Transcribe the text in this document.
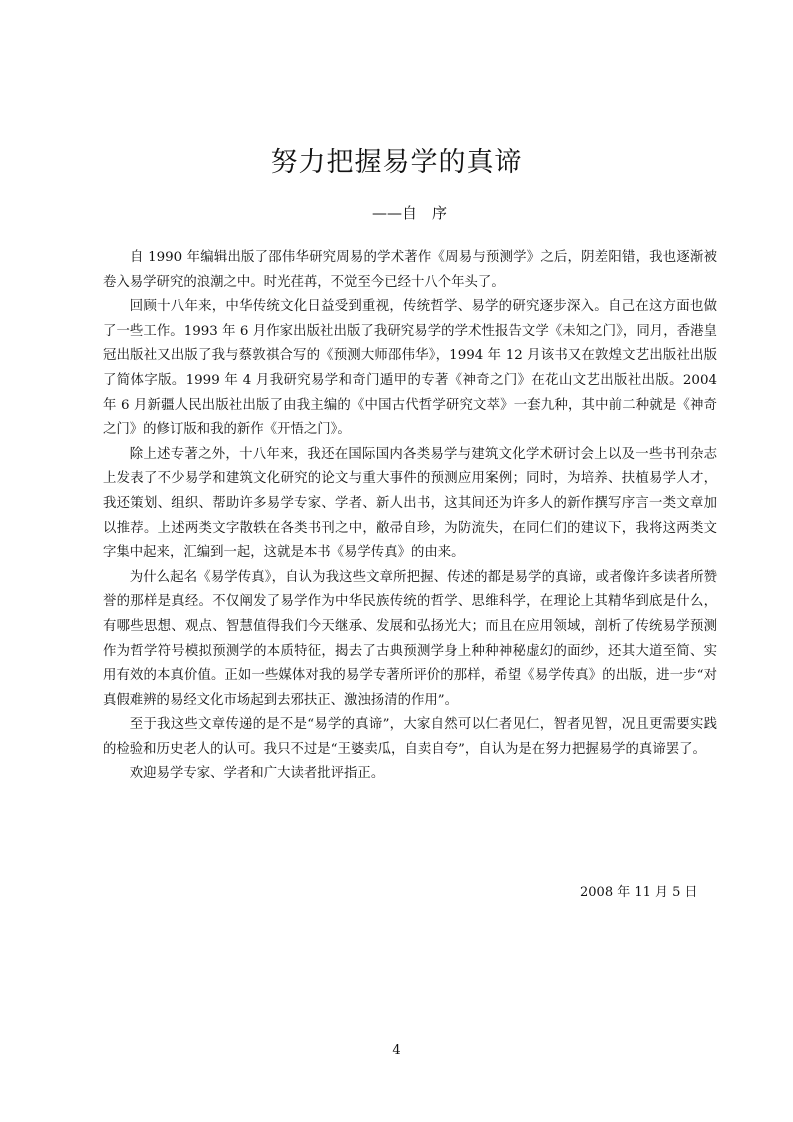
努力把握易学的真谛
——自　序

自 1990 年编辑出版了邵伟华研究周易的学术著作《周易与预测学》之后，阴差阳错，我也逐渐被卷入易学研究的浪潮之中。时光荏苒，不觉至今已经十八个年头了。

回顾十八年来，中华传统文化日益受到重视，传统哲学、易学的研究逐步深入。自己在这方面也做了一些工作。1993 年 6 月作家出版社出版了我研究易学的学术性报告文学《未知之门》，同月，香港皇冠出版社又出版了我与蔡敦祺合写的《预测大师邵伟华》，1994 年 12 月该书又在敦煌文艺出版社出版了简体字版。1999 年 4 月我研究易学和奇门遁甲的专著《神奇之门》在花山文艺出版社出版。2004 年 6 月新疆人民出版社出版了由我主编的《中国古代哲学研究文萃》一套九种，其中前二种就是《神奇之门》的修订版和我的新作《开悟之门》。

除上述专著之外，十八年来，我还在国际国内各类易学与建筑文化学术研讨会上以及一些书刊杂志上发表了不少易学和建筑文化研究的论文与重大事件的预测应用案例；同时，为培养、扶植易学人才，我还策划、组织、帮助许多易学专家、学者、新人出书，这其间还为许多人的新作撰写序言一类文章加以推荐。上述两类文字散轶在各类书刊之中，敝帚自珍，为防流失，在同仁们的建议下，我将这两类文字集中起来，汇编到一起，这就是本书《易学传真》的由来。

为什么起名《易学传真》，自认为我这些文章所把握、传述的都是易学的真谛，或者像许多读者所赞誉的那样是真经。不仅阐发了易学作为中华民族传统的哲学、思维科学，在理论上其精华到底是什么，有哪些思想、观点、智慧值得我们今天继承、发展和弘扬光大；而且在应用领域，剖析了传统易学预测作为哲学符号模拟预测学的本质特征，揭去了古典预测学身上种种神秘虚幻的面纱，还其大道至简、实用有效的本真价值。正如一些媒体对我的易学专著所评价的那样，希望《易学传真》的出版，进一步“对真假难辨的易经文化市场起到去邪扶正、激浊扬清的作用”。

至于我这些文章传递的是不是“易学的真谛”，大家自然可以仁者见仁，智者见智，况且更需要实践的检验和历史老人的认可。我只不过是“王婆卖瓜，自卖自夸”，自认为是在努力把握易学的真谛罢了。

欢迎易学专家、学者和广大读者批评指正。

2008 年 11 月 5 日
4
